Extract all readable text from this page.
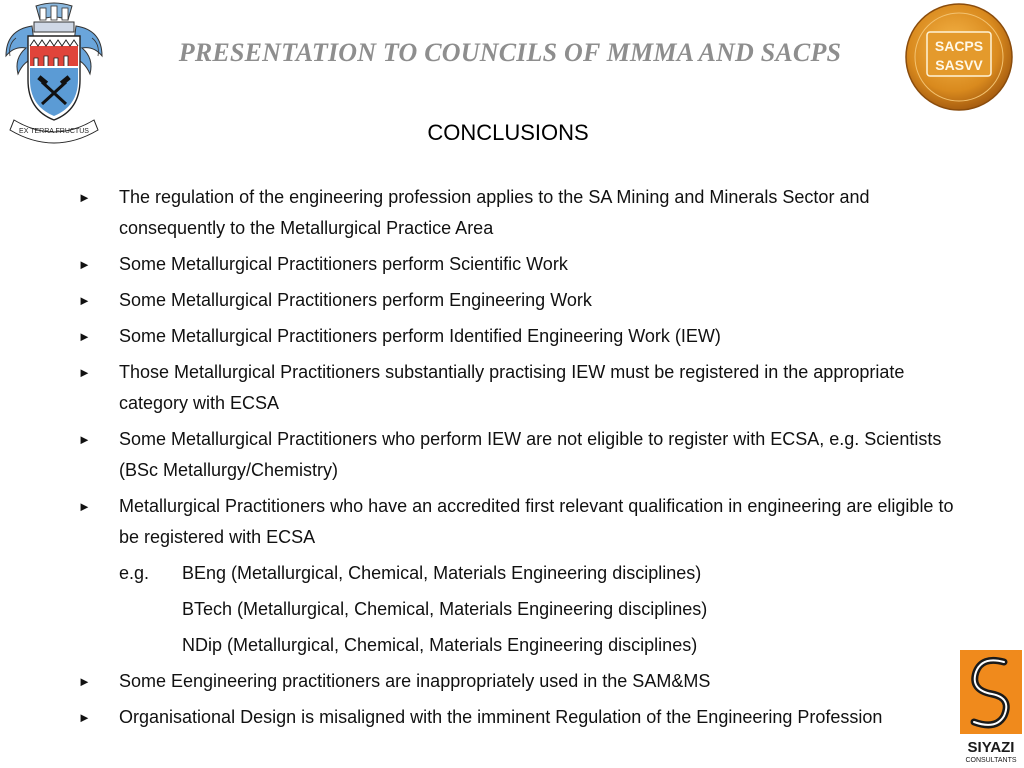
EX TERRA FRUCTUS
PRESENTATION TO COUNCILS OF MMMA AND SACPS	SACPS
SASVV
CONCLUSIONS
► The regulation of the engineering profession applies to the SA Mining and Minerals Sector and consequently to the Metallurgical Practice Area
► Some Metallurgical Practitioners perform Scientific Work
► Some Metallurgical Practitioners perform Engineering Work
► Some Metallurgical Practitioners perform Identified Engineering Work (IEW)
► Those Metallurgical Practitioners substantially practising IEW must be registered in the appropriate category with ECSA
► Some Metallurgical Practitioners who perform IEW are not eligible to register with ECSA, e.g. Scientists (BSc Metallurgy/Chemistry)
► Metallurgical Practitioners who have an accredited first relevant qualification in engineering are eligible to be registered with ECSA
e.g. BEng (Metallurgical, Chemical, Materials Engineering disciplines)
BTech (Metallurgical, Chemical, Materials Engineering disciplines)
NDip (Metallurgical, Chemical, Materials Engineering disciplines)
► Some Eengineering practitioners are inappropriately used in the SAM&MS
► Organisational Design is misaligned with the imminent Regulation of the Engineering Profession
SIYAZI
CONSULTANTS
